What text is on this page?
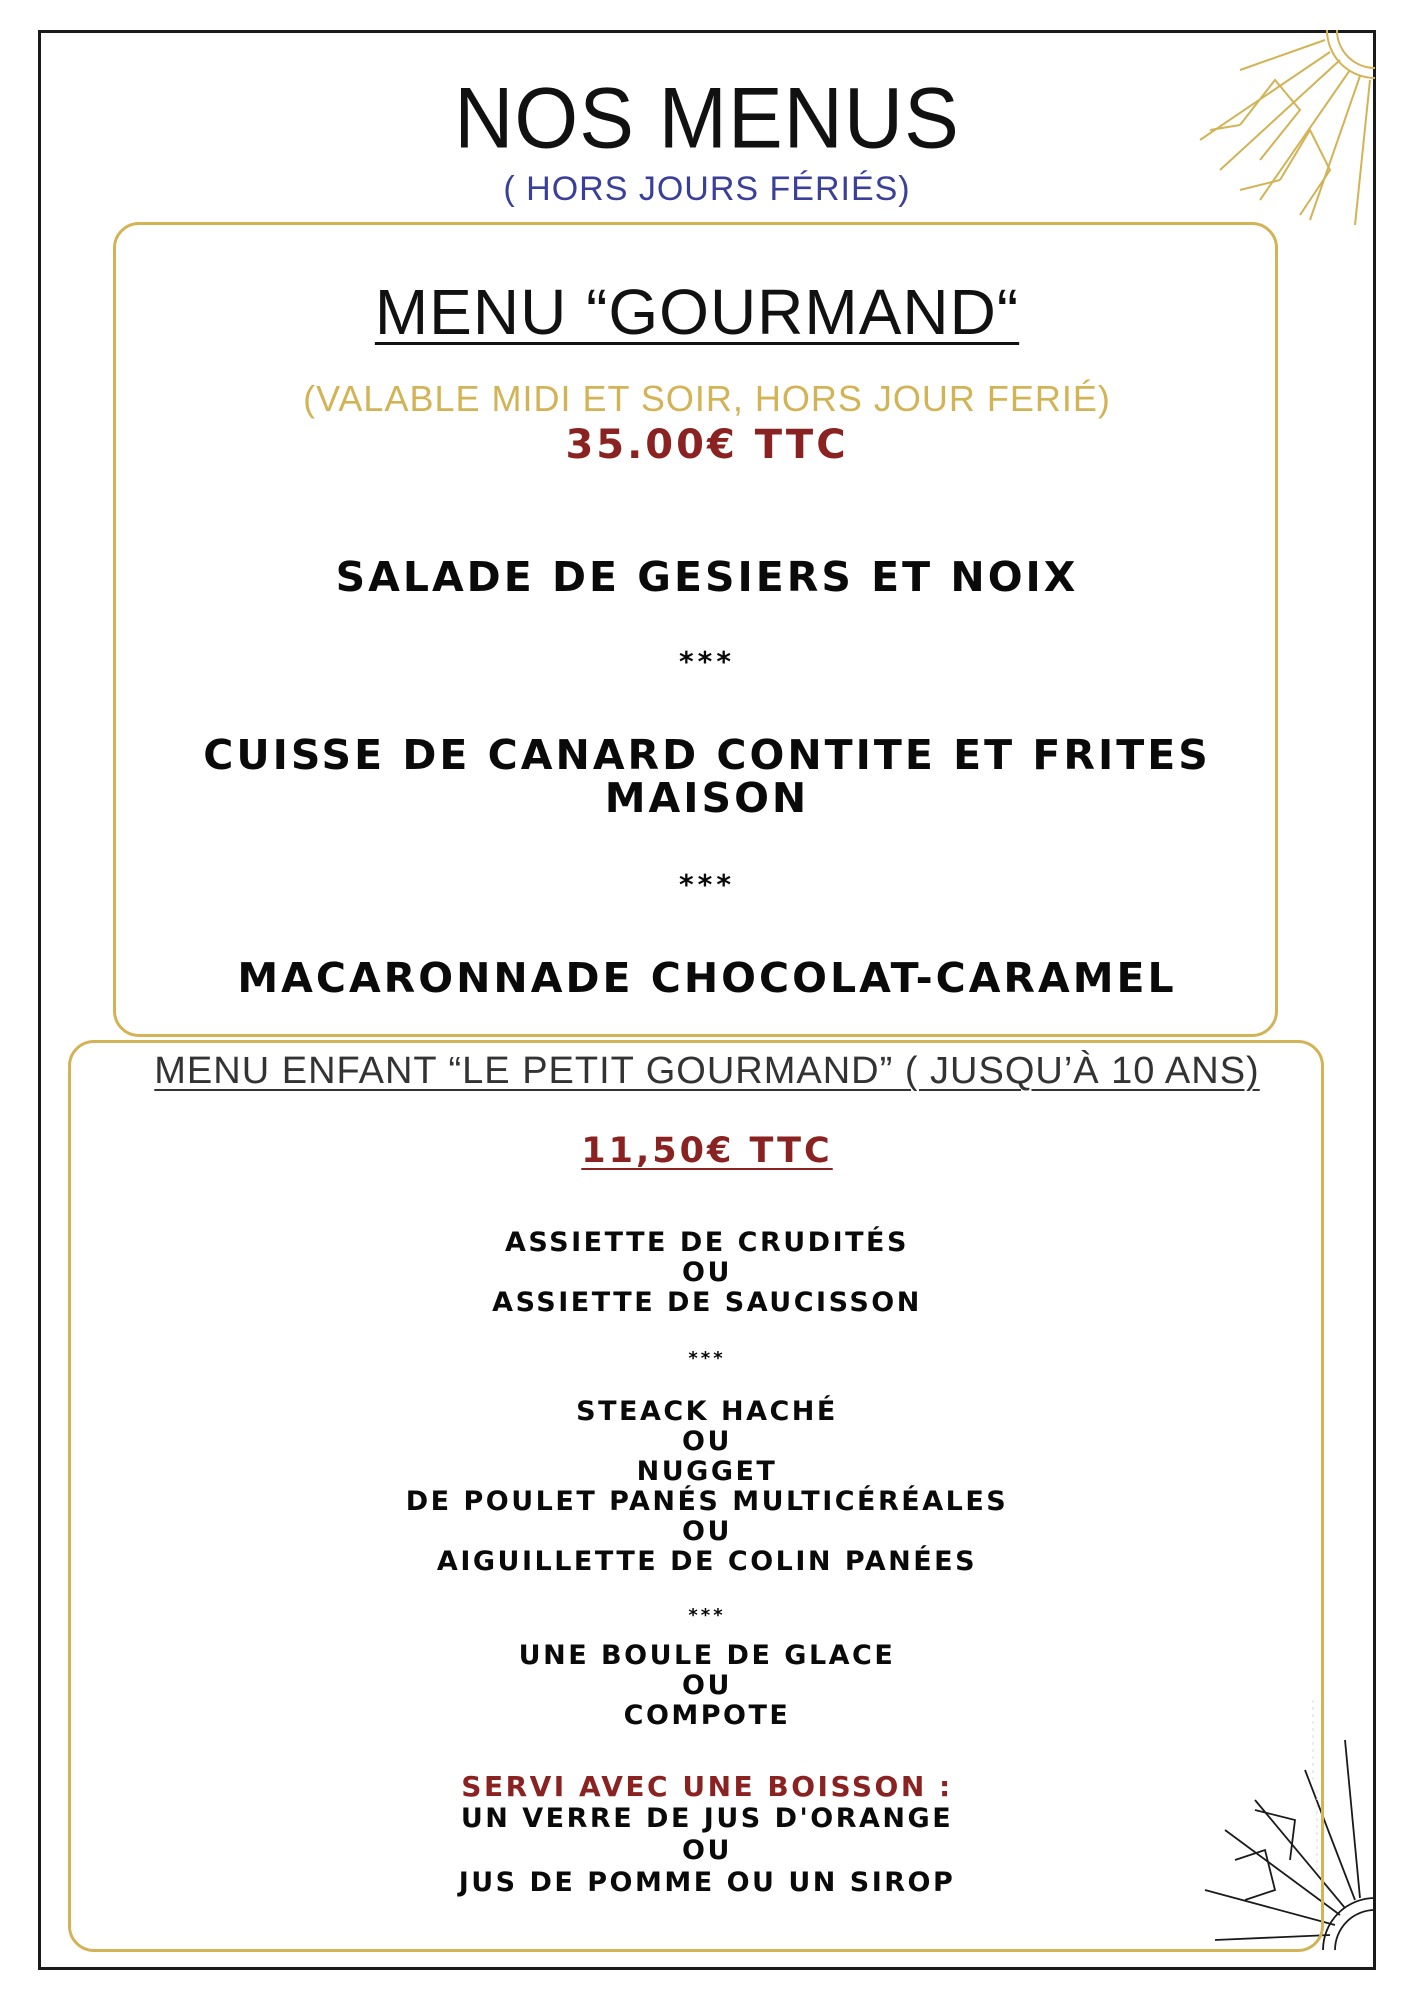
NOS MENUS
( HORS JOURS FÉRIÉS)
MENU “GOURMAND“
(VALABLE MIDI ET SOIR, HORS JOUR FERIÉ)
35.00€ TTC
SALADE DE GESIERS ET NOIX
***
CUISSE DE CANARD CONTITE ET FRITES
MAISON
***
MACARONNADE CHOCOLAT-CARAMEL
MENU ENFANT “LE PETIT GOURMAND” ( JUSQU’À 10 ANS)
11,50€ TTC
ASSIETTE DE CRUDITÉS
OU
ASSIETTE DE SAUCISSON
***
STEACK HACHÉ
OU
NUGGET
DE POULET PANÉS MULTICÉRÉALES
OU
AIGUILLETTE DE COLIN PANÉES
***
UNE BOULE DE GLACE
OU
COMPOTE
SERVI AVEC UNE BOISSON :
UN VERRE DE JUS D'ORANGE
OU
JUS DE POMME OU UN SIROP
